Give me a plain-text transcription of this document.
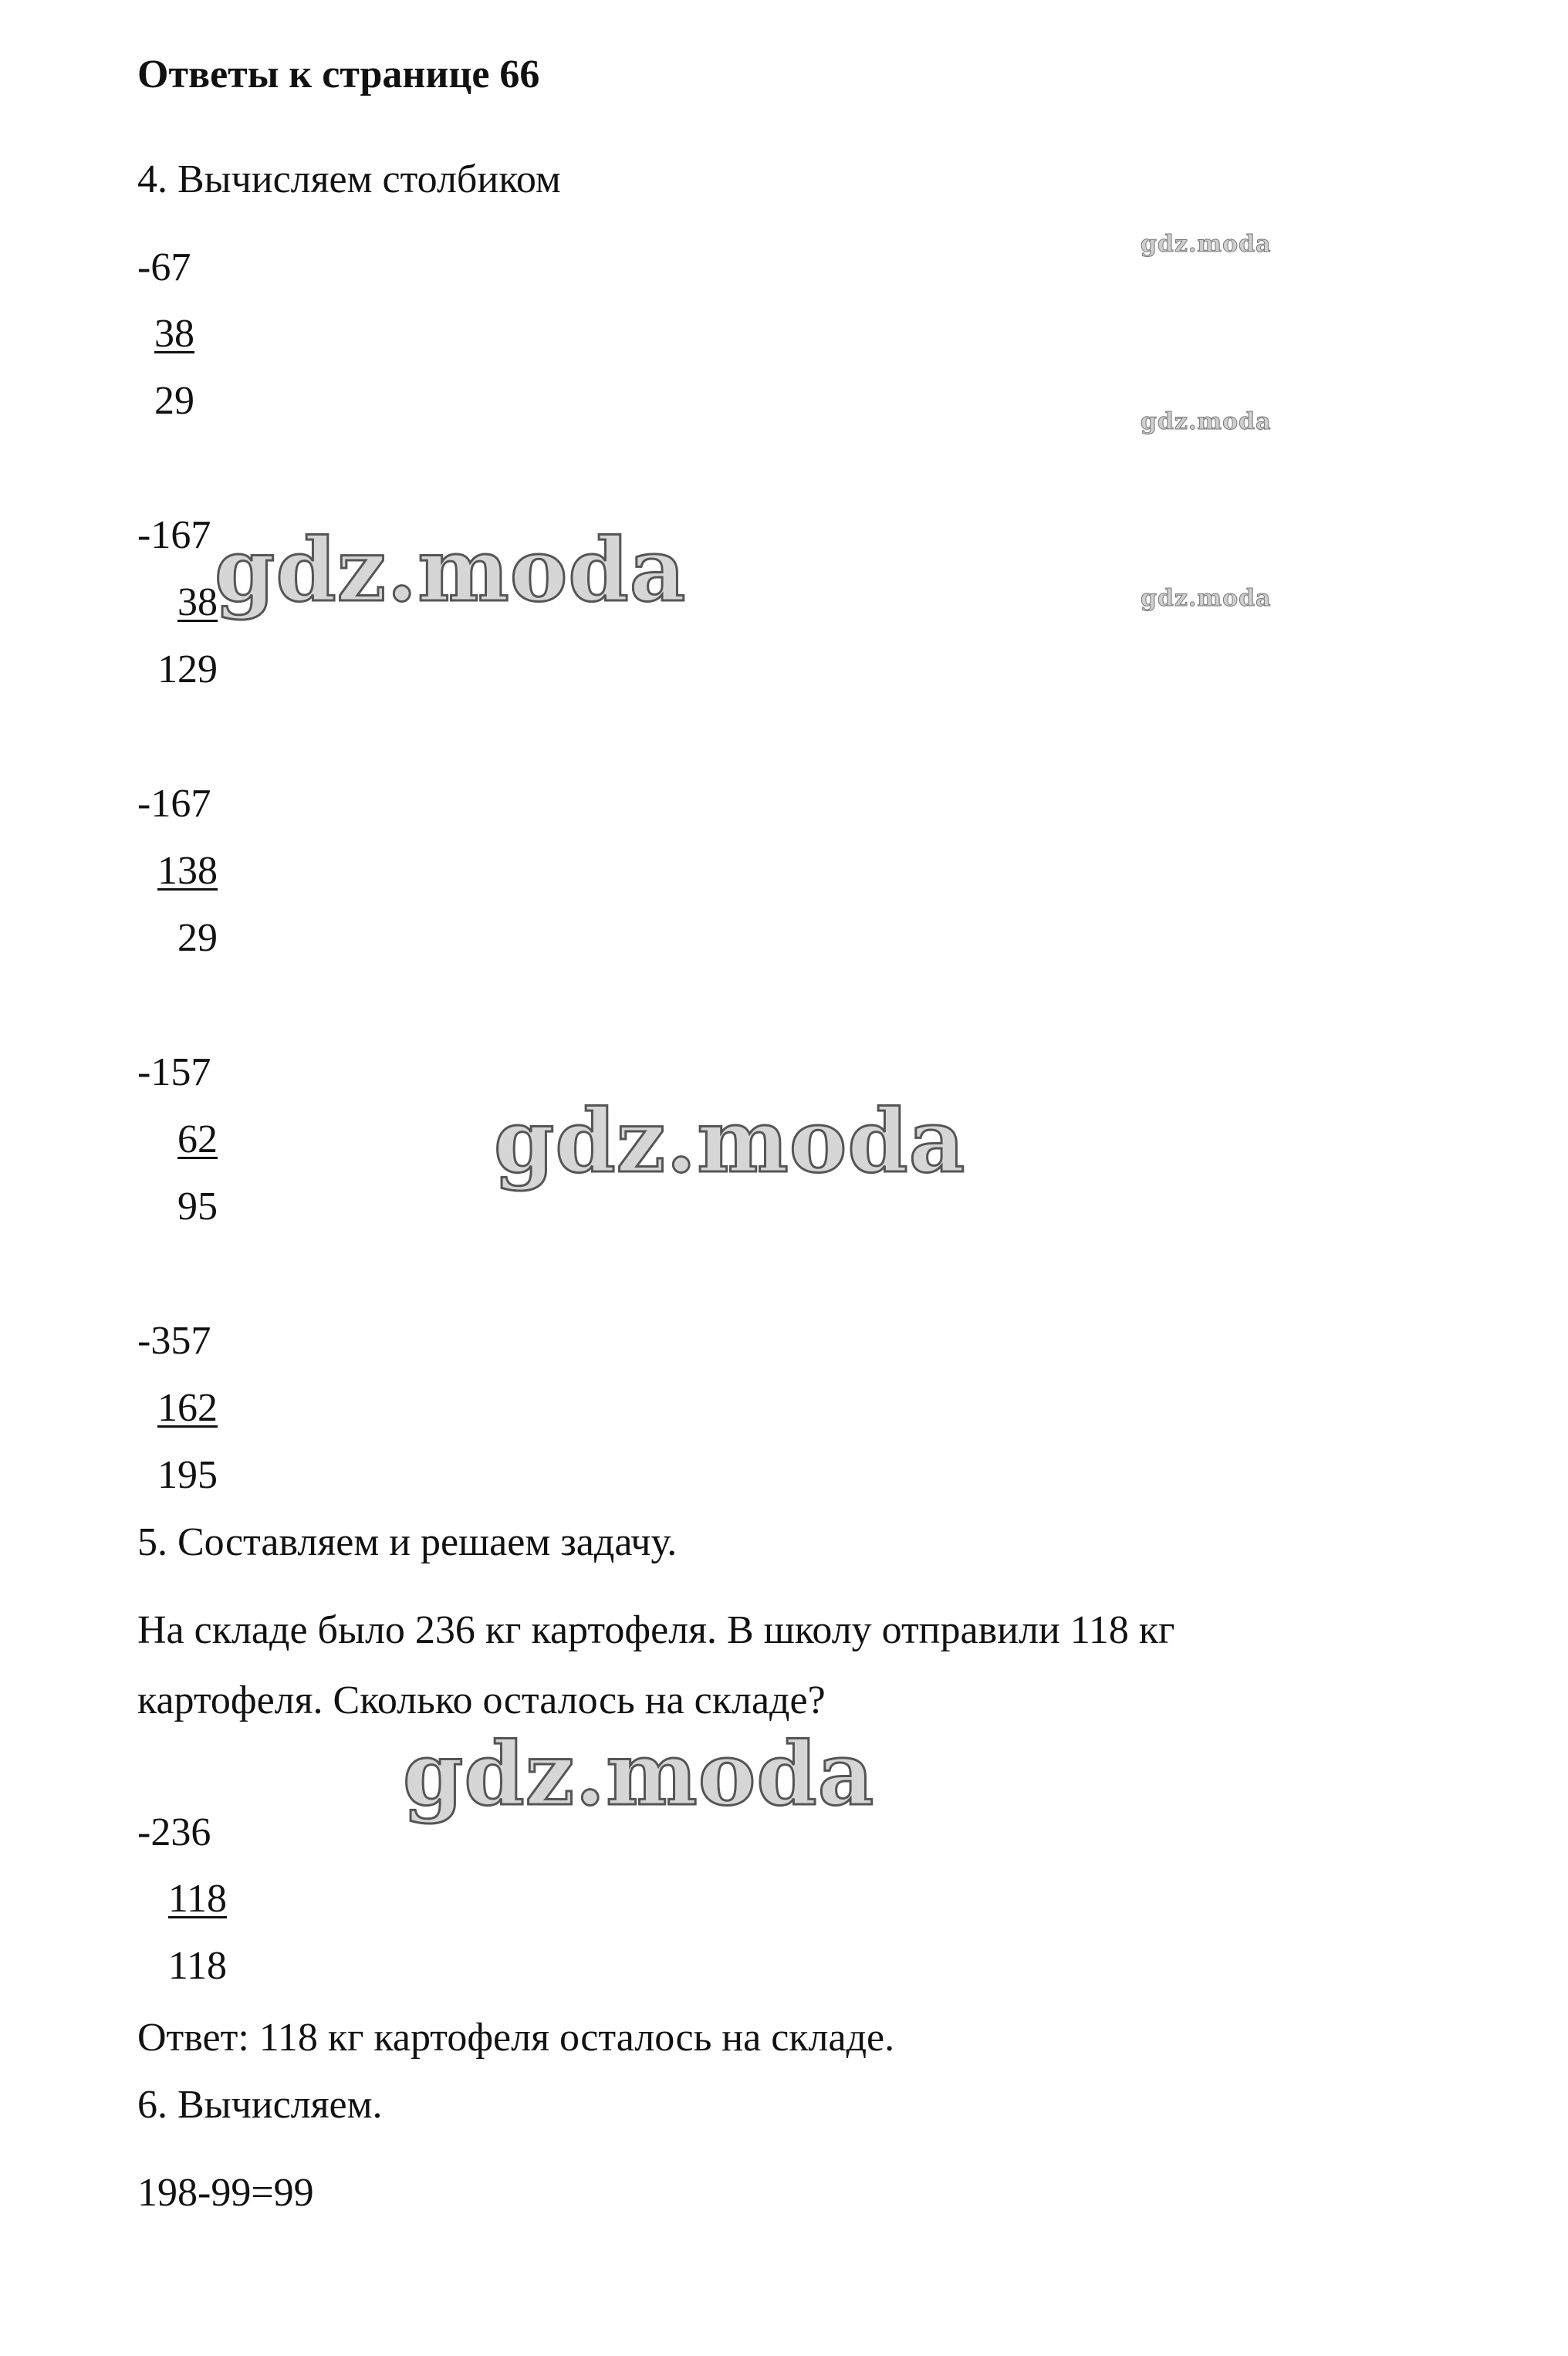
Ответы к странице 66
4. Вычисляем столбиком
-67
38
29
-167
38
129
-167
138
29
-157
62
95
-357
162
195
5. Составляем и решаем задачу.
На складе было 236 кг картофеля. В школу отправили 118 кг
картофеля. Сколько осталось на складе?
-236
118
118
Ответ: 118 кг картофеля осталось на складе.
6. Вычисляем.
198-99=99
gdz.moda
gdz.moda
gdz.moda
gdz.moda
gdz.moda
gdz.moda
